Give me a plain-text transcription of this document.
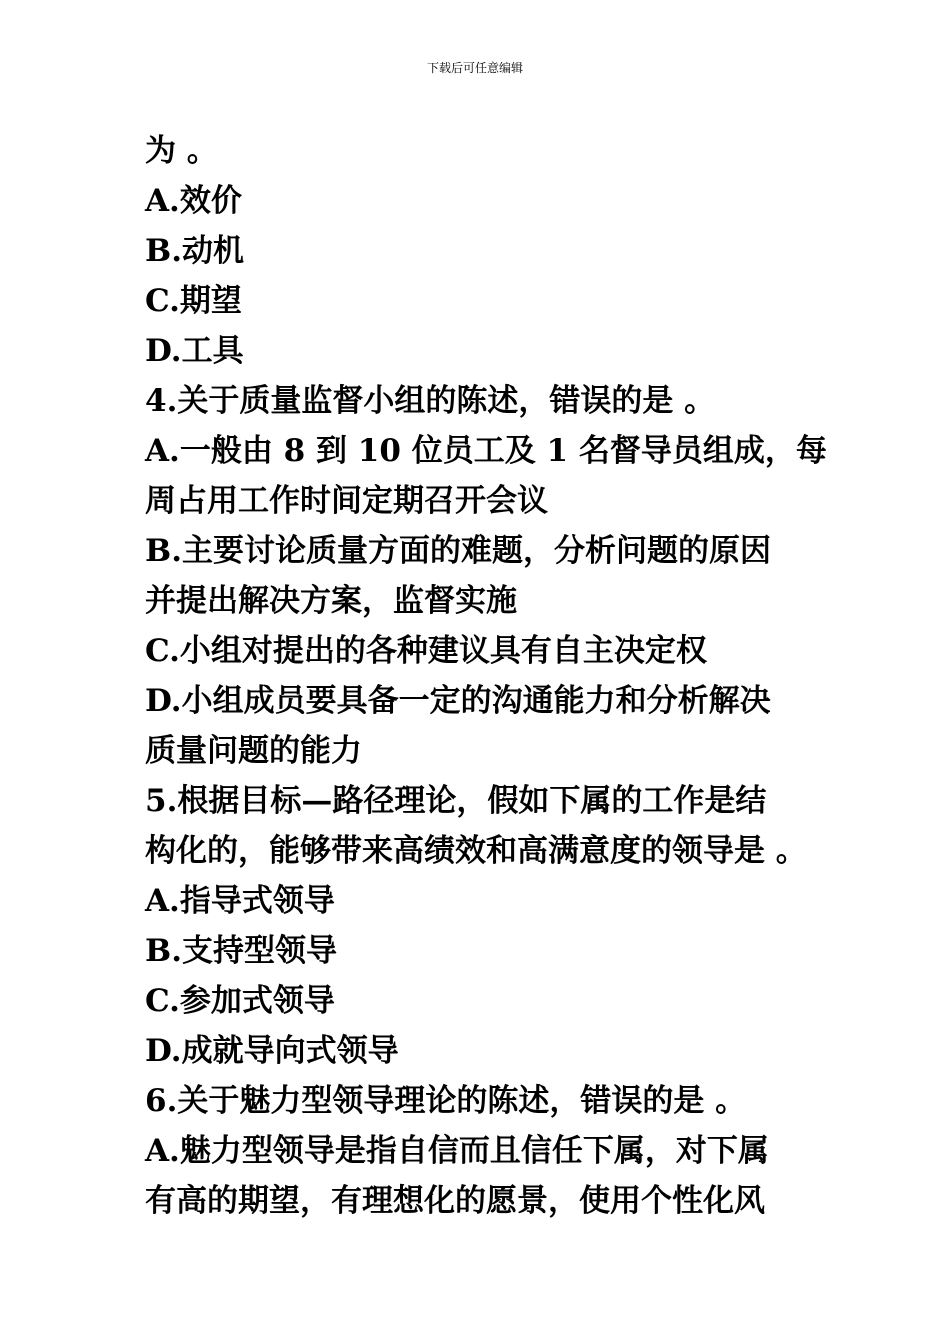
下载后可任意编辑
为 。
A.效价
B.动机
C.期望
D.工具
4.关于质量监督小组的陈述，错误的是 。
A.一般由 8 到 10 位员工及 1 名督导员组成，每
周占用工作时间定期召开会议
B.主要讨论质量方面的难题，分析问题的原因
并提出解决方案，监督实施
C.小组对提出的各种建议具有自主决定权
D.小组成员要具备一定的沟通能力和分析解决
质量问题的能力
5.根据目标—路径理论，假如下属的工作是结
构化的，能够带来高绩效和高满意度的领导是 。
A.指导式领导
B.支持型领导
C.参加式领导
D.成就导向式领导
6.关于魅力型领导理论的陈述，错误的是 。
A.魅力型领导是指自信而且信任下属，对下属
有高的期望，有理想化的愿景，使用个性化风
